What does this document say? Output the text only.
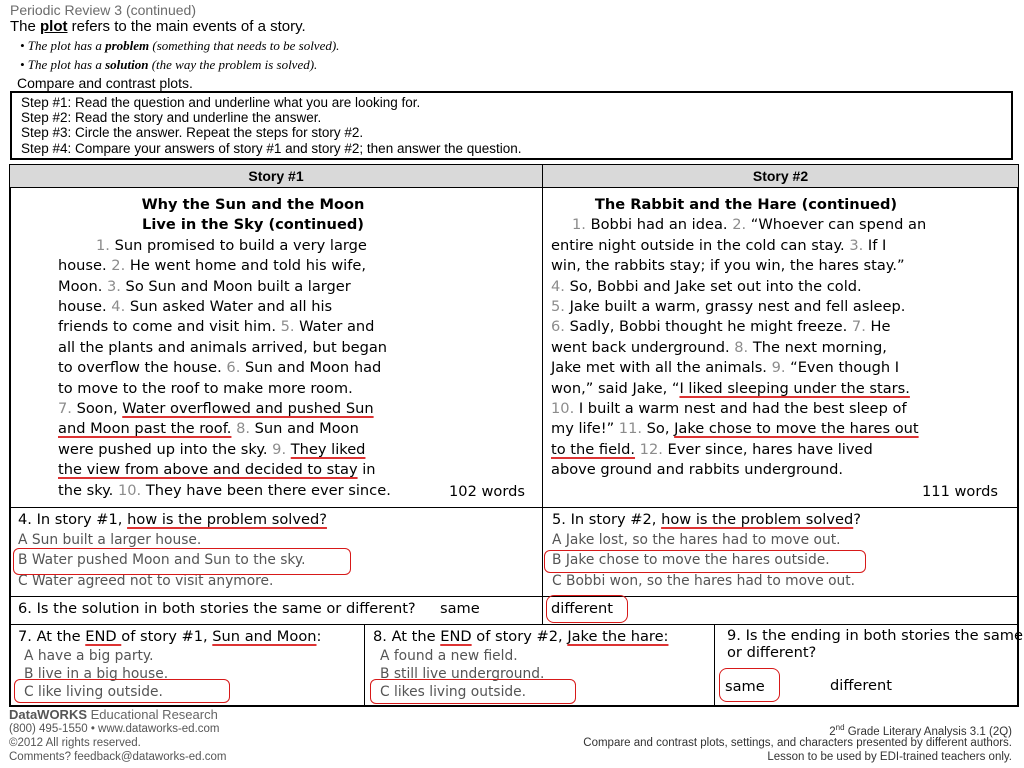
Periodic Review 3 (continued)
The plot refers to the main events of a story.
• The plot has a problem (something that needs to be solved).
• The plot has a solution (the way the problem is solved).
Compare and contrast plots.
Step #1: Read the question and underline what you are looking for.
Step #2: Read the story and underline the answer.
Step #3: Circle the answer. Repeat the steps for story #2.
Step #4: Compare your answers of story #1 and story #2; then answer the question.
Story #1	Story #2
Why the Sun and the Moon
Live in the Sky (continued)
1. Sun promised to build a very large
house. 2. He went home and told his wife,
Moon. 3. So Sun and Moon built a larger
house. 4. Sun asked Water and all his
friends to come and visit him. 5. Water and
all the plants and animals arrived, but began
to overflow the house. 6. Sun and Moon had
to move to the roof to make more room.
7. Soon, Water overflowed and pushed Sun
and Moon past the roof. 8. Sun and Moon
were pushed up into the sky. 9. They liked
the view from above and decided to stay in
the sky. 10. They have been there ever since.	102 words
The Rabbit and the Hare (continued)
1. Bobbi had an idea. 2. “Whoever can spend an
entire night outside in the cold can stay. 3. If I
win, the rabbits stay; if you win, the hares stay.”
4. So, Bobbi and Jake set out into the cold.
5. Jake built a warm, grassy nest and fell asleep.
6. Sadly, Bobbi thought he might freeze. 7. He
went back underground. 8. The next morning,
Jake met with all the animals. 9. “Even though I
won,” said Jake, “I liked sleeping under the stars.
10. I built a warm nest and had the best sleep of
my life!” 11. So, Jake chose to move the hares out
to the field. 12. Ever since, hares have lived
above ground and rabbits underground.
111 words
4. In story #1, how is the problem solved?
A Sun built a larger house.
B Water pushed Moon and Sun to the sky.
C Water agreed not to visit anymore.
5. In story #2, how is the problem solved?
A Jake lost, so the hares had to move out.
B Jake chose to move the hares outside.
C Bobbi won, so the hares had to move out.
6. Is the solution in both stories the same or different? same	different
7. At the END of story #1, Sun and Moon:
A have a big party.
B live in a big house.
C like living outside.
8. At the END of story #2, Jake the hare:
A found a new field.
B still live underground.
C likes living outside.
9. Is the ending in both stories the same
or different?
same	different
DataWORKS Educational Research
(800) 495-1550 • www.dataworks-ed.com
©2012 All rights reserved.
Comments? feedback@dataworks-ed.com
2nd Grade Literary Analysis 3.1 (2Q)
Compare and contrast plots, settings, and characters presented by different authors.
Lesson to be used by EDI-trained teachers only.
